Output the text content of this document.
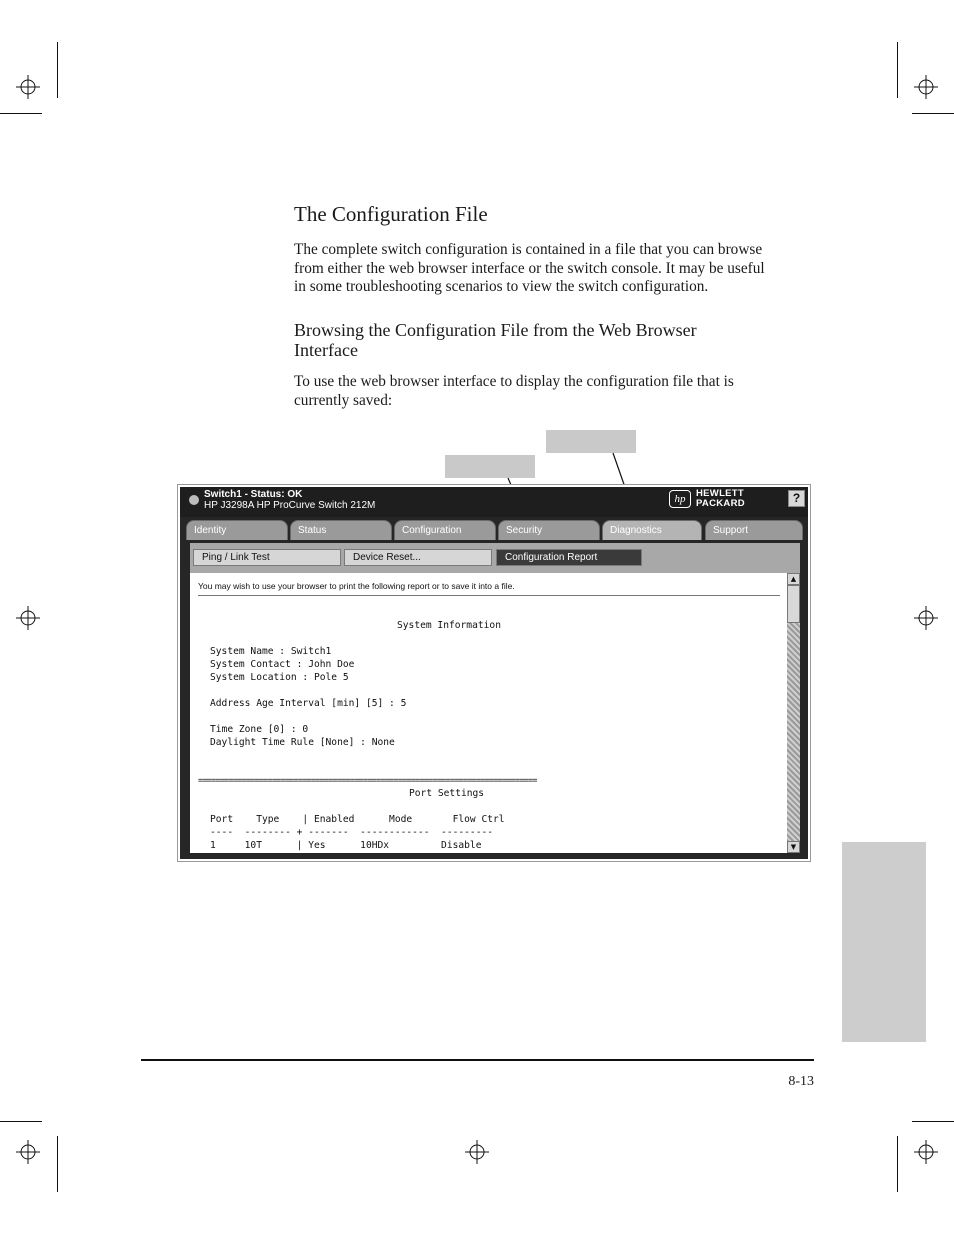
The Configuration File
The complete switch configuration is contained in a file that you can browse
from either the web browser interface or the switch console. It may be useful
in some troubleshooting scenarios to view the switch configuration.
Browsing the Configuration File from the Web Browser
Interface
To use the web browser interface to display the configuration file that is
currently saved:
Switch1 - Status: OK
HP J3298A HP ProCurve Switch 212M
hp	HEWLETT
PACKARD	?
Identity	Status	Configuration	Security	Diagnostics	Support
Ping / Link Test	Device Reset...	Configuration Report
You may wish to use your browser to print the following report or to save it into a file.
System Information
System Name : Switch1
System Contact : John Doe
System Location : Pole 5
Address Age Interval [min] [5] : 5
Time Zone [0] : 0
Daylight Time Rule [None] : None
==============================================================================
Port Settings
Port    Type    | Enabled      Mode       Flow Ctrl
----  -------- + -------  ------------  ---------
1     10T      | Yes      10HDx         Disable
▲
▼
8-13
